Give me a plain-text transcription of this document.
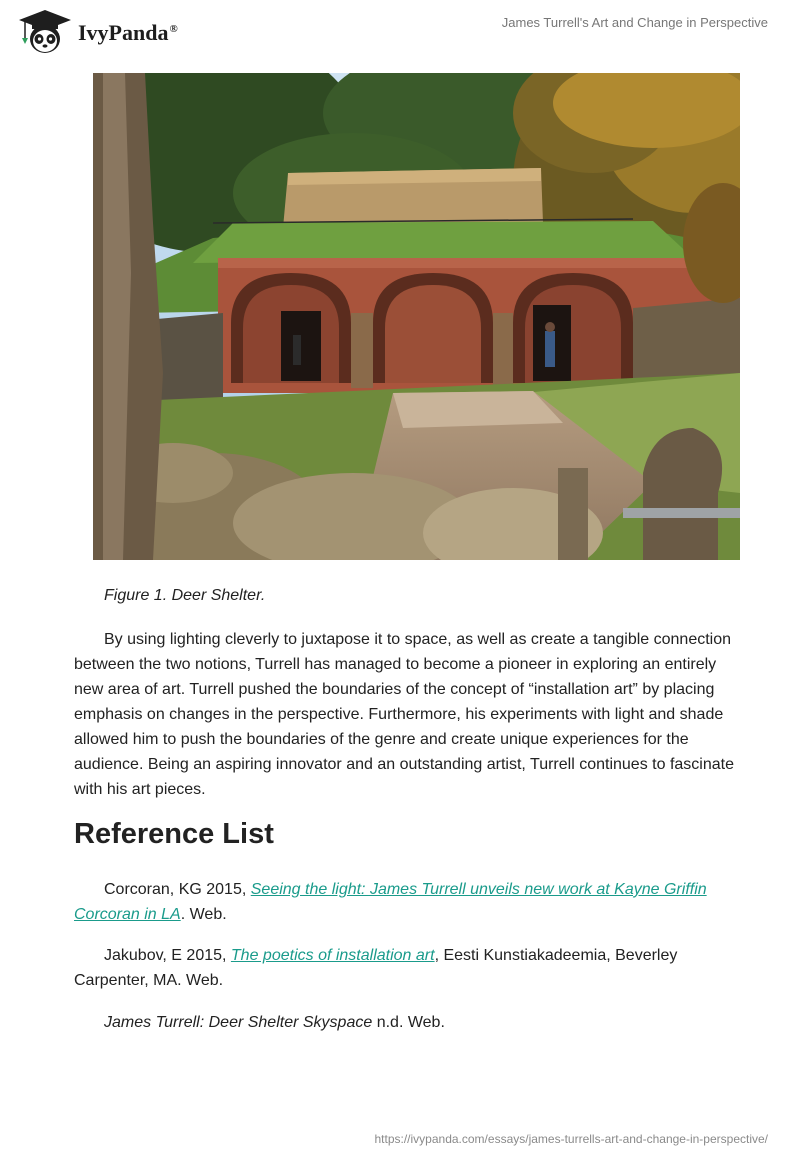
IvyPanda®	James Turrell's Art and Change in Perspective
Figure 1. Deer Shelter.

By using lighting cleverly to juxtapose it to space, as well as create a tangible connection between the two notions, Turrell has managed to become a pioneer in exploring an entirely new area of art. Turrell pushed the boundaries of the concept of “installation art” by placing emphasis on changes in the perspective. Furthermore, his experiments with light and shade allowed him to push the boundaries of the genre and create unique experiences for the audience. Being an aspiring innovator and an outstanding artist, Turrell continues to fascinate with his art pieces.

Reference List

Corcoran, KG 2015, Seeing the light: James Turrell unveils new work at Kayne Griffin Corcoran in LA. Web.

Jakubov, E 2015, The poetics of installation art, Eesti Kunstiakadeemia, Beverley Carpenter, MA. Web.

James Turrell: Deer Shelter Skyspace n.d. Web.

https://ivypanda.com/essays/james-turrells-art-and-change-in-perspective/
